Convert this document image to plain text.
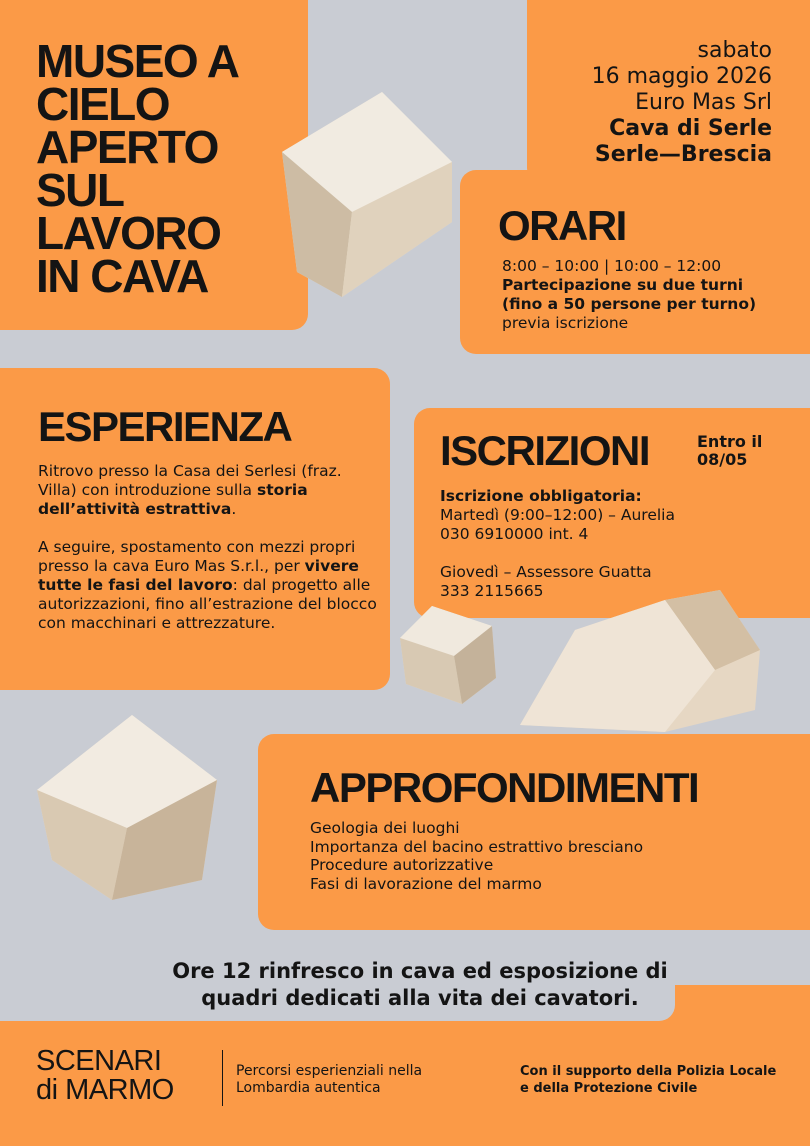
MUSEO A
CIELO
APERTO
SUL
LAVORO
IN CAVA
sabato
16 maggio 2026
Euro Mas Srl
Cava di Serle
Serle—Brescia
ORARI
8:00 – 10:00 | 10:00 – 12:00
Partecipazione su due turni
(fino a 50 persone per turno)
previa iscrizione
ESPERIENZA

Ritrovo presso la Casa dei Serlesi (fraz. Villa) con introduzione sulla storia dell’attività estrattiva.

A seguire, spostamento con mezzi propri presso la cava Euro Mas S.r.l., per vivere tutte le fasi del lavoro: dal progetto alle autorizzazioni, fino all’estrazione del blocco con macchinari e attrezzature.

ISCRIZIONI	Entro il
08/05
Iscrizione obbligatoria:
Martedì (9:00–12:00) – Aurelia
030 6910000 int. 4
Giovedì – Assessore Guatta
333 2115665
APPROFONDIMENTI
Geologia dei luoghi
Importanza del bacino estrattivo bresciano
Procedure autorizzative
Fasi di lavorazione del marmo
Ore 12 rinfresco in cava ed esposizione di
quadri dedicati alla vita dei cavatori.
SCENARI
di MARMO
Percorsi esperienziali nella
Lombardia autentica
Con il supporto della Polizia Locale
e della Protezione Civile
